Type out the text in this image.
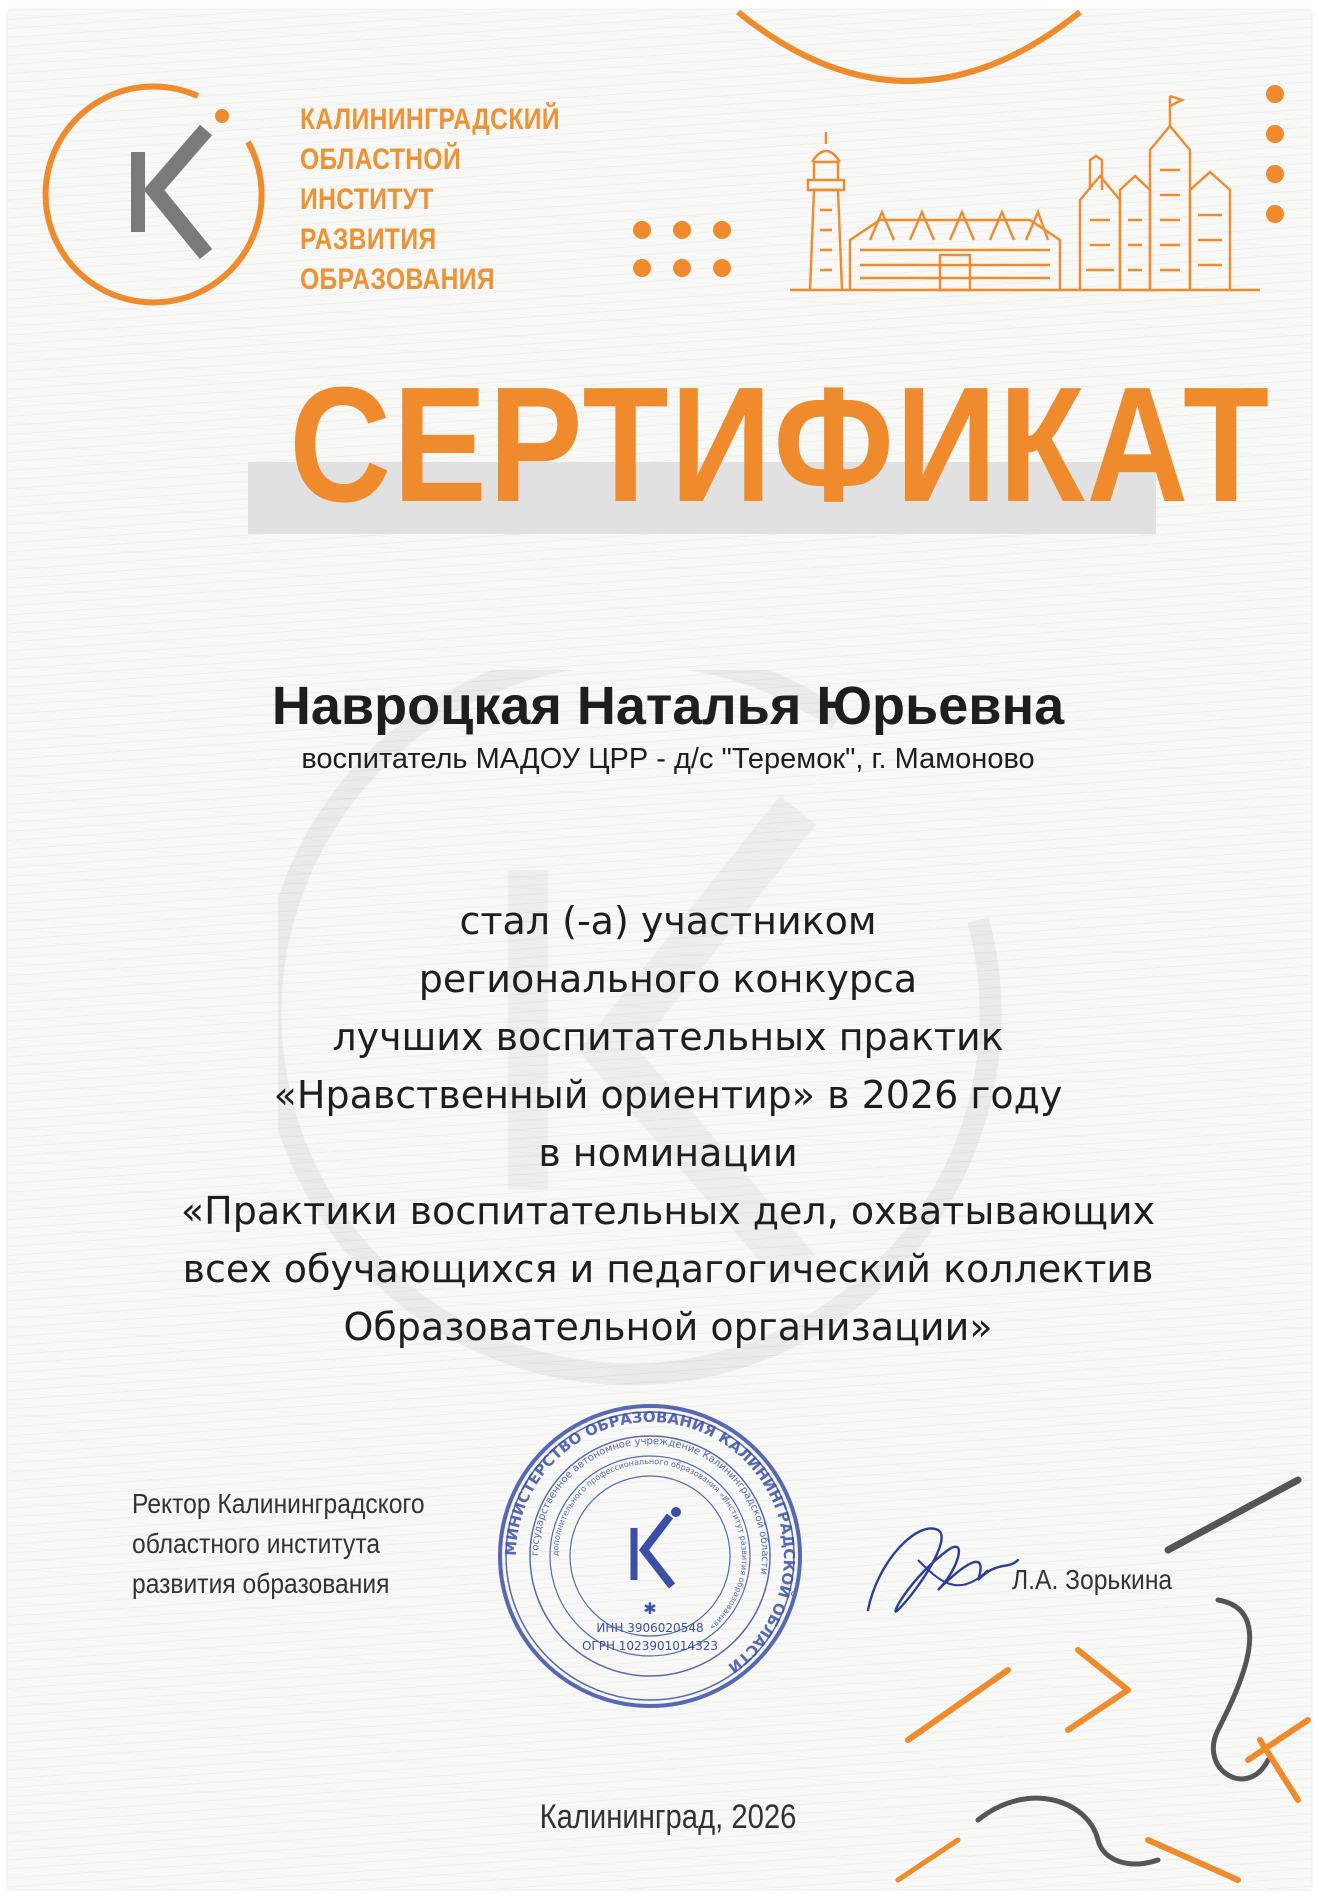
КАЛИНИНГРАДСКИЙ
ОБЛАСТНОЙ
ИНСТИТУТ
РАЗВИТИЯ
ОБРАЗОВАНИЯ
СЕРТИФИКАТ
Навроцкая Наталья Юрьевна
воспитатель МАДОУ ЦРР - д/с "Теремок", г. Мамоново
стал (-а) участником
регионального конкурса
лучших воспитательных практик
«Нравственный ориентир» в 2026 году
в номинации
«Практики воспитательных дел, охватывающих
всех обучающихся и педагогический коллектив
Образовательной организации»
Ректор Калининградского
областного института
развития образования
МИНИСТЕРСТВО ОБРАЗОВАНИЯ КАЛИНИНГРАДСКОЙ ОБЛАСТИ
государственное автономное учреждение Калининградской области
дополнительного профессионального образования «Институт развития образования»
ИНН 3906020548
ОГРН 1023901014323
✱
Л.А. Зорькина
Калининград, 2026
